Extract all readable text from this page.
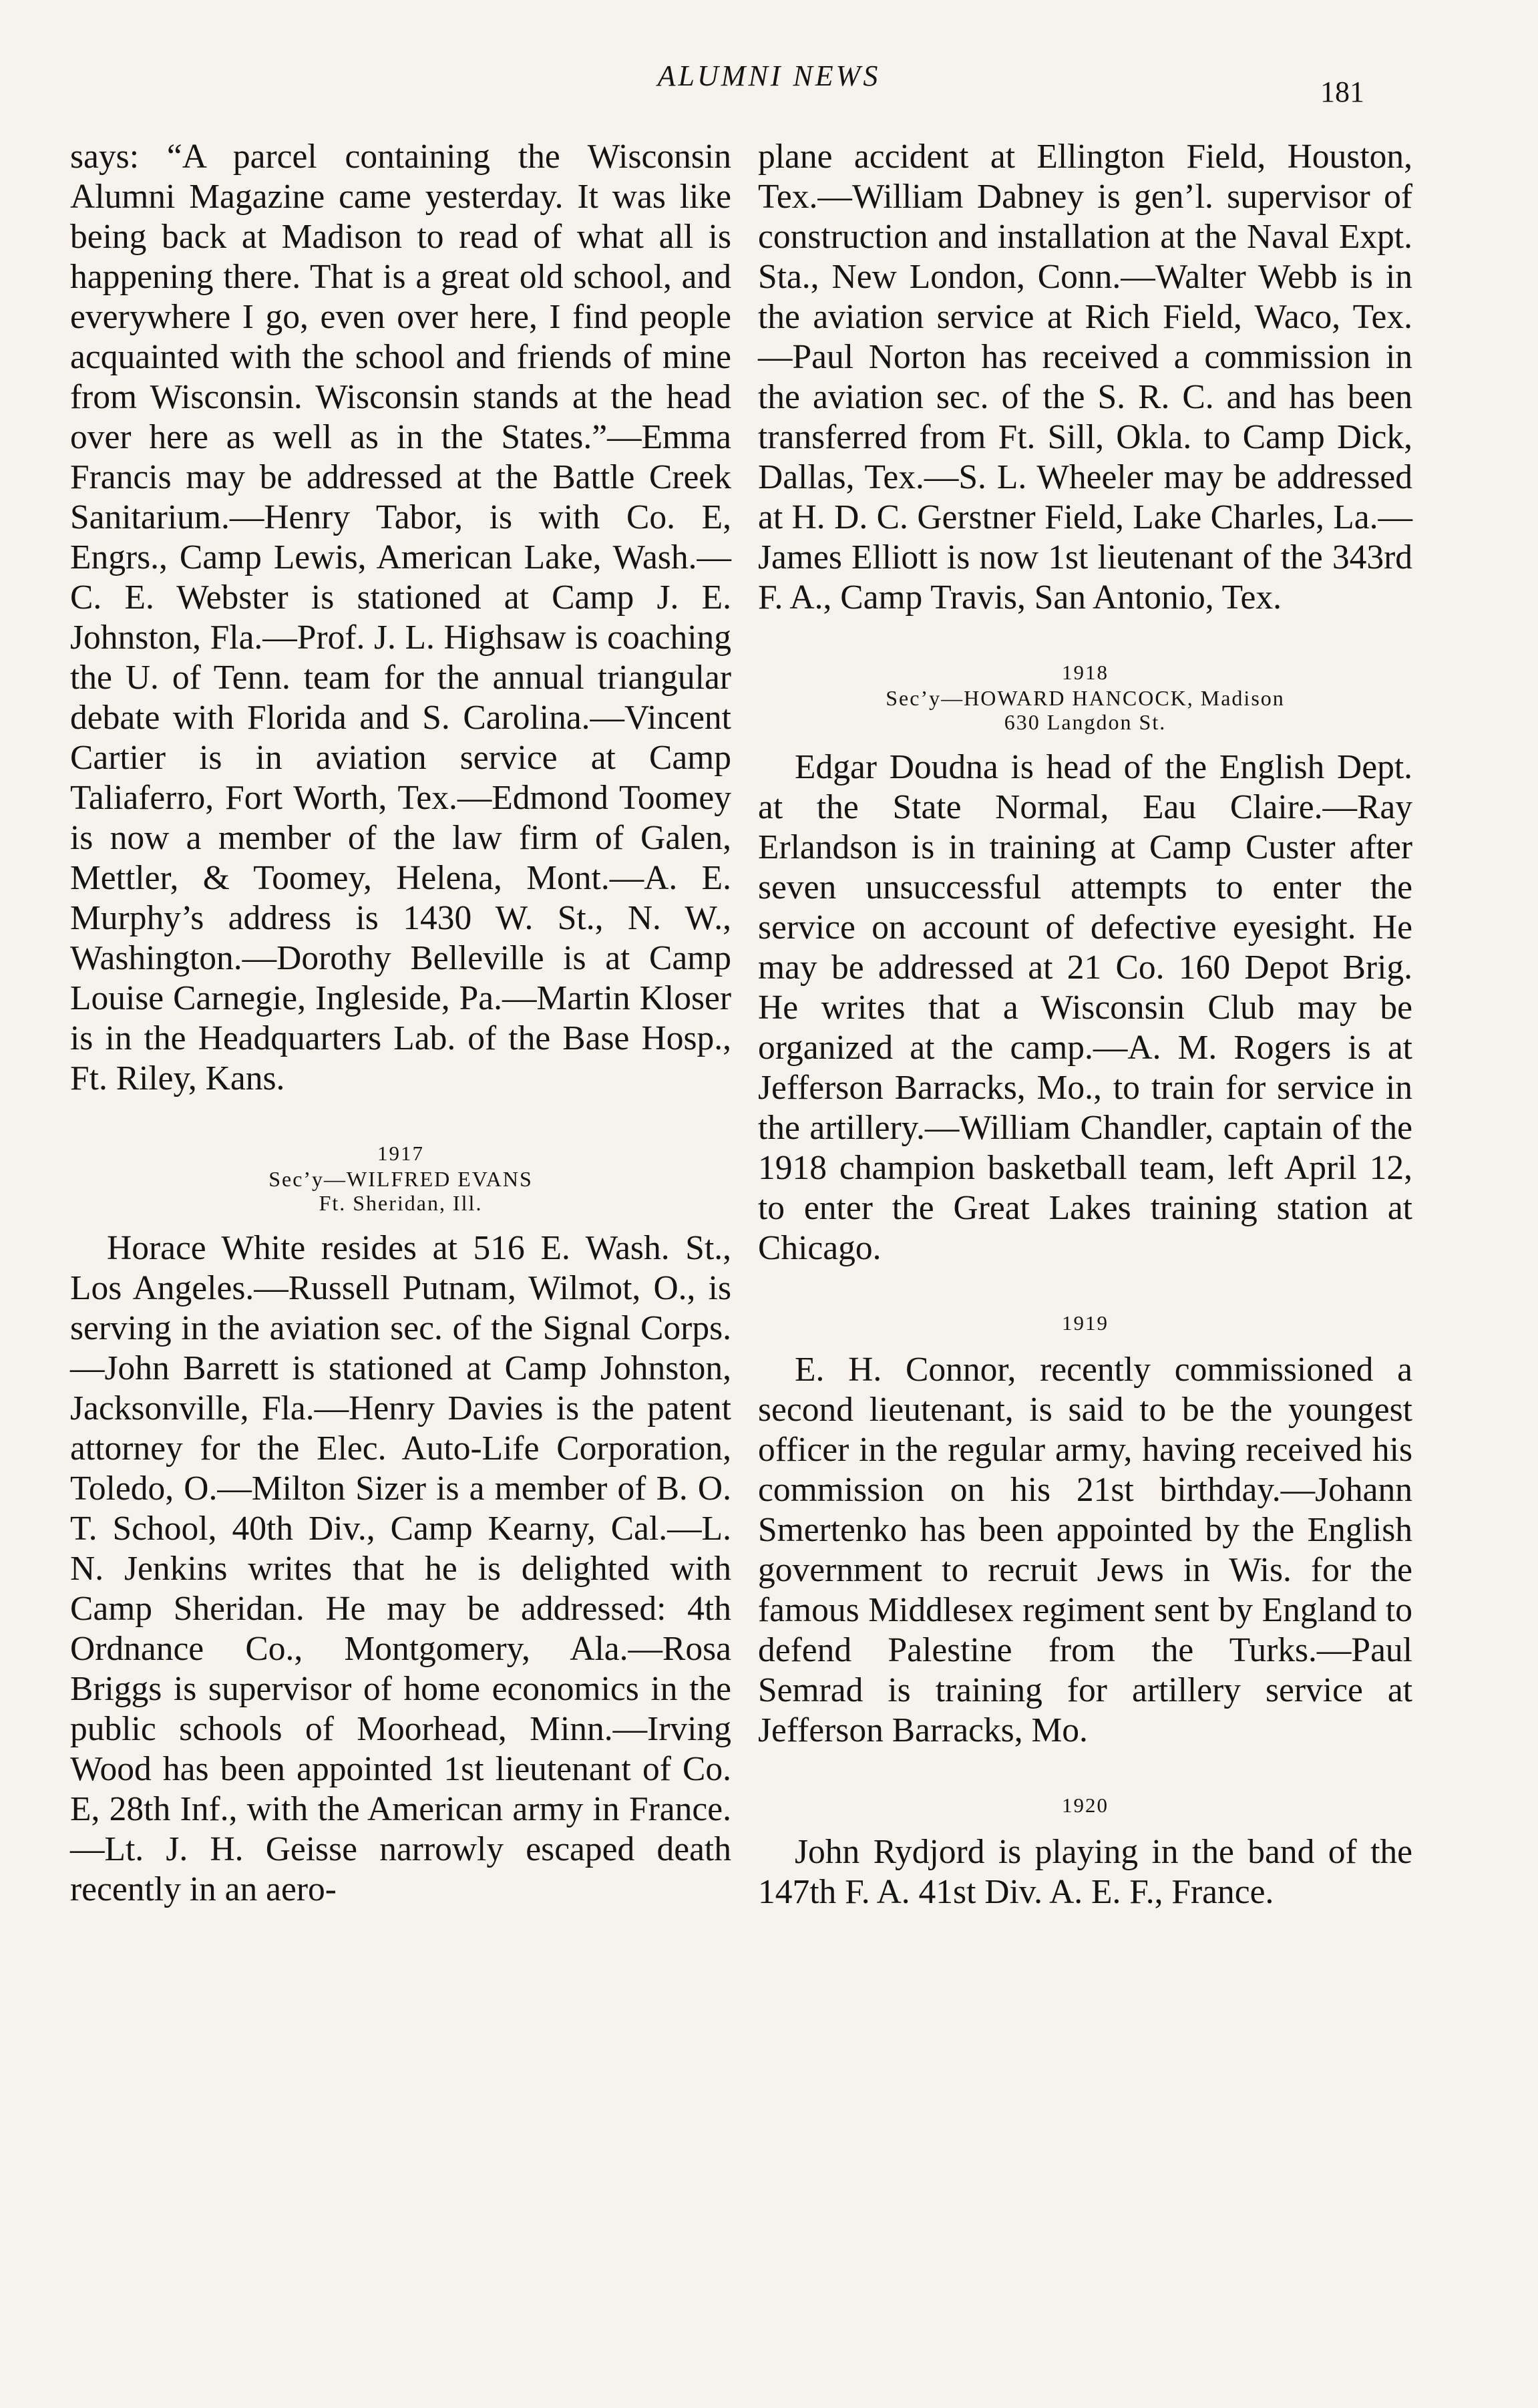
ALUMNI NEWS	181

says: “A parcel containing the Wisconsin Alumni Magazine came yesterday. It was like being back at Madison to read of what all is happening there. That is a great old school, and everywhere I go, even over here, I find people acquainted with the school and friends of mine from Wisconsin. Wisconsin stands at the head over here as well as in the States.”—Emma Francis may be addressed at the Battle Creek Sanitarium.—Henry Tabor, is with Co. E, Engrs., Camp Lewis, American Lake, Wash.—C. E. Webster is stationed at Camp J. E. Johnston, Fla.—Prof. J. L. Highsaw is coaching the U. of Tenn. team for the annual triangular debate with Florida and S. Carolina.—Vincent Cartier is in aviation service at Camp Taliaferro, Fort Worth, Tex.—Edmond Toomey is now a member of the law firm of Galen, Mettler, & Toomey, Helena, Mont.—A. E. Murphy’s address is 1430 W. St., N. W., Washington.—Dorothy Belleville is at Camp Louise Carnegie, Ingleside, Pa.—Martin Kloser is in the Headquarters Lab. of the Base Hosp., Ft. Riley, Kans.

1917
Sec’y—WILFRED EVANS
Ft. Sheridan, Ill.

Horace White resides at 516 E. Wash. St., Los Angeles.—Russell Putnam, Wilmot, O., is serving in the aviation sec. of the Signal Corps.—John Barrett is stationed at Camp Johnston, Jacksonville, Fla.—Henry Davies is the patent attorney for the Elec. Auto-Life Corporation, Toledo, O.—Milton Sizer is a member of B. O. T. School, 40th Div., Camp Kearny, Cal.—L. N. Jenkins writes that he is delighted with Camp Sheridan. He may be addressed: 4th Ordnance Co., Montgomery, Ala.—Rosa Briggs is supervisor of home economics in the public schools of Moorhead, Minn.—Irving Wood has been appointed 1st lieutenant of Co. E, 28th Inf., with the American army in France.—Lt. J. H. Geisse narrowly escaped death recently in an aero-

plane accident at Ellington Field, Houston, Tex.—William Dabney is gen’l. supervisor of construction and installation at the Naval Expt. Sta., New London, Conn.—Walter Webb is in the aviation service at Rich Field, Waco, Tex.—Paul Norton has received a commission in the aviation sec. of the S. R. C. and has been transferred from Ft. Sill, Okla. to Camp Dick, Dallas, Tex.—S. L. Wheeler may be addressed at H. D. C. Gerstner Field, Lake Charles, La.—James Elliott is now 1st lieutenant of the 343rd F. A., Camp Travis, San Antonio, Tex.

1918
Sec’y—HOWARD HANCOCK, Madison
630 Langdon St.

Edgar Doudna is head of the English Dept. at the State Normal, Eau Claire.—Ray Erlandson is in training at Camp Custer after seven unsuccessful attempts to enter the service on account of defective eyesight. He may be addressed at 21 Co. 160 Depot Brig. He writes that a Wisconsin Club may be organized at the camp.—A. M. Rogers is at Jefferson Barracks, Mo., to train for service in the artillery.—William Chandler, captain of the 1918 champion basketball team, left April 12, to enter the Great Lakes training station at Chicago.

1919

E. H. Connor, recently commissioned a second lieutenant, is said to be the youngest officer in the regular army, having received his commission on his 21st birthday.—Johann Smertenko has been appointed by the English government to recruit Jews in Wis. for the famous Middlesex regiment sent by England to defend Palestine from the Turks.—Paul Semrad is training for artillery service at Jefferson Barracks, Mo.

1920

John Rydjord is playing in the band of the 147th F. A. 41st Div. A. E. F., France.
